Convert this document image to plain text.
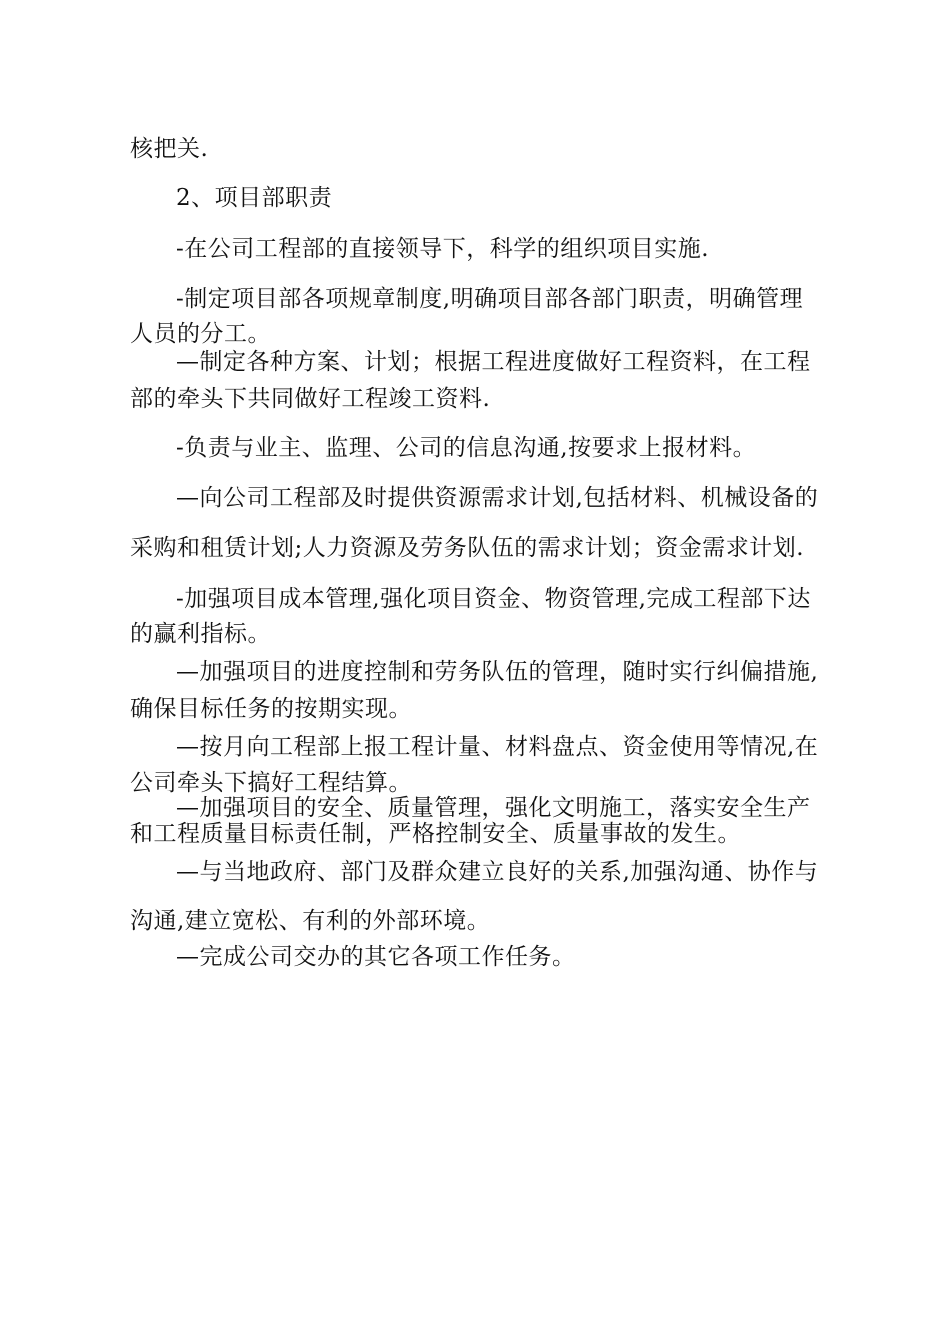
核把关.
2、项目部职责
-在公司工程部的直接领导下，科学的组织项目实施.
-制定项目部各项规章制度,明确项目部各部门职责，明确管理
人员的分工。
—制定各种方案、计划；根据工程进度做好工程资料，在工程
部的牵头下共同做好工程竣工资料.
-负责与业主、监理、公司的信息沟通,按要求上报材料。
—向公司工程部及时提供资源需求计划,包括材料、机械设备的
采购和租赁计划;人力资源及劳务队伍的需求计划；资金需求计划.
-加强项目成本管理,强化项目资金、物资管理,完成工程部下达
的赢利指标。
—加强项目的进度控制和劳务队伍的管理，随时实行纠偏措施,
确保目标任务的按期实现。
—按月向工程部上报工程计量、材料盘点、资金使用等情况,在
公司牵头下搞好工程结算。
—加强项目的安全、质量管理，强化文明施工，落实安全生产
和工程质量目标责任制，严格控制安全、质量事故的发生。
—与当地政府、部门及群众建立良好的关系,加强沟通、协作与
沟通,建立宽松、有利的外部环境。
—完成公司交办的其它各项工作任务。
